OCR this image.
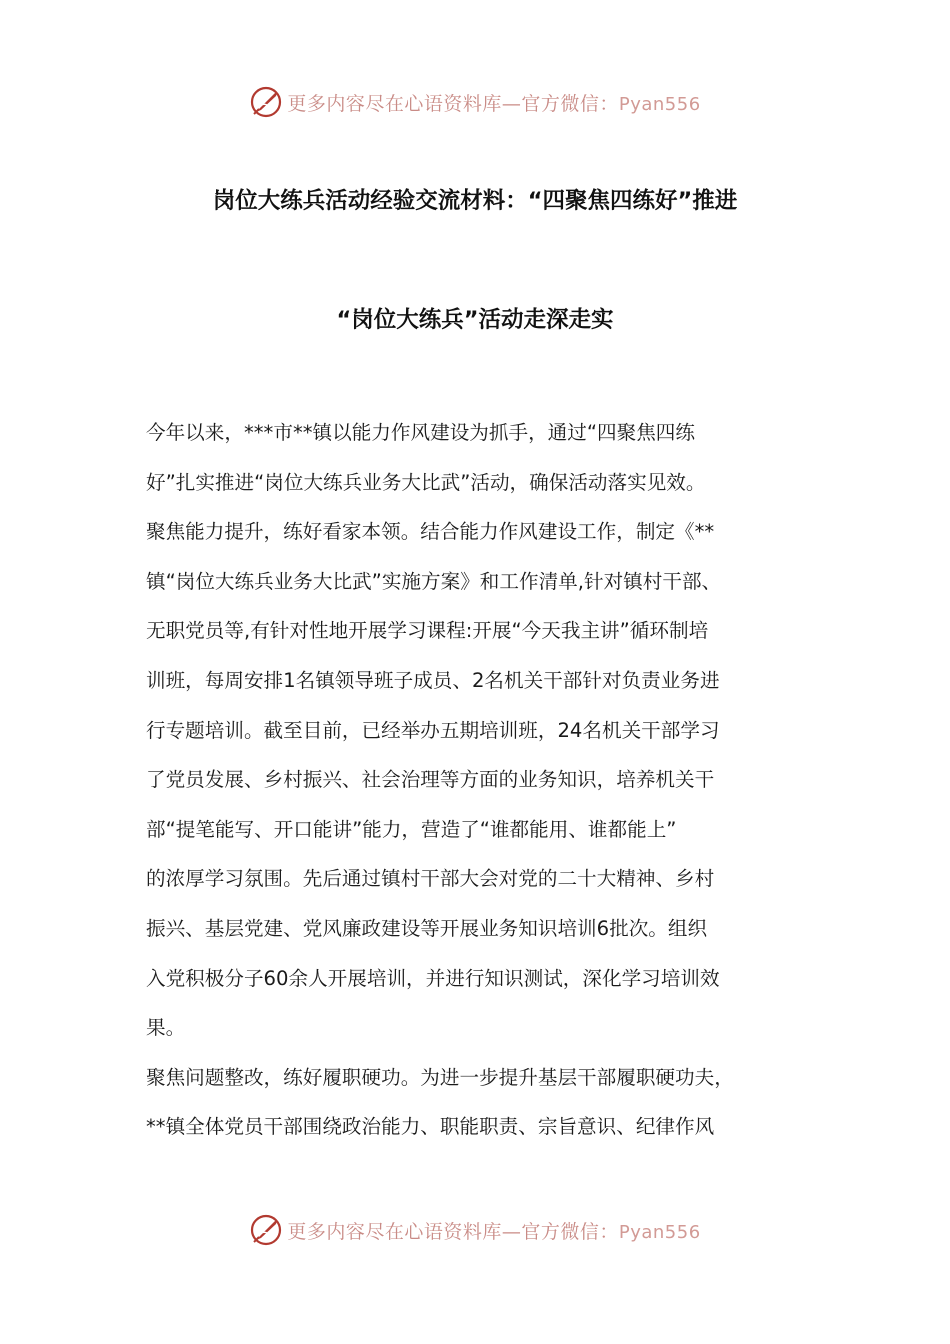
更多内容尽在心语资料库—官方微信：Pyan556
岗位大练兵活动经验交流材料：“四聚焦四练好”推进
“岗位大练兵”活动走深走实
今年以来，***市**镇以能力作风建设为抓手，通过“四聚焦四练
好”扎实推进“岗位大练兵业务大比武”活动，确保活动落实见效。
聚焦能力提升，练好看家本领。结合能力作风建设工作，制定《**
镇“岗位大练兵业务大比武”实施方案》和工作清单,针对镇村干部、
无职党员等,有针对性地开展学习课程:开展“今天我主讲”循环制培
训班，每周安排1名镇领导班子成员、2名机关干部针对负责业务进
行专题培训。截至目前，已经举办五期培训班，24名机关干部学习
了党员发展、乡村振兴、社会治理等方面的业务知识，培养机关干
部“提笔能写、开口能讲”能力，营造了“谁都能用、谁都能上”
的浓厚学习氛围。先后通过镇村干部大会对党的二十大精神、乡村
振兴、基层党建、党风廉政建设等开展业务知识培训6批次。组织
入党积极分子60余人开展培训，并进行知识测试，深化学习培训效
果。
聚焦问题整改，练好履职硬功。为进一步提升基层干部履职硬功夫，
**镇全体党员干部围绕政治能力、职能职责、宗旨意识、纪律作风
更多内容尽在心语资料库—官方微信：Pyan556
